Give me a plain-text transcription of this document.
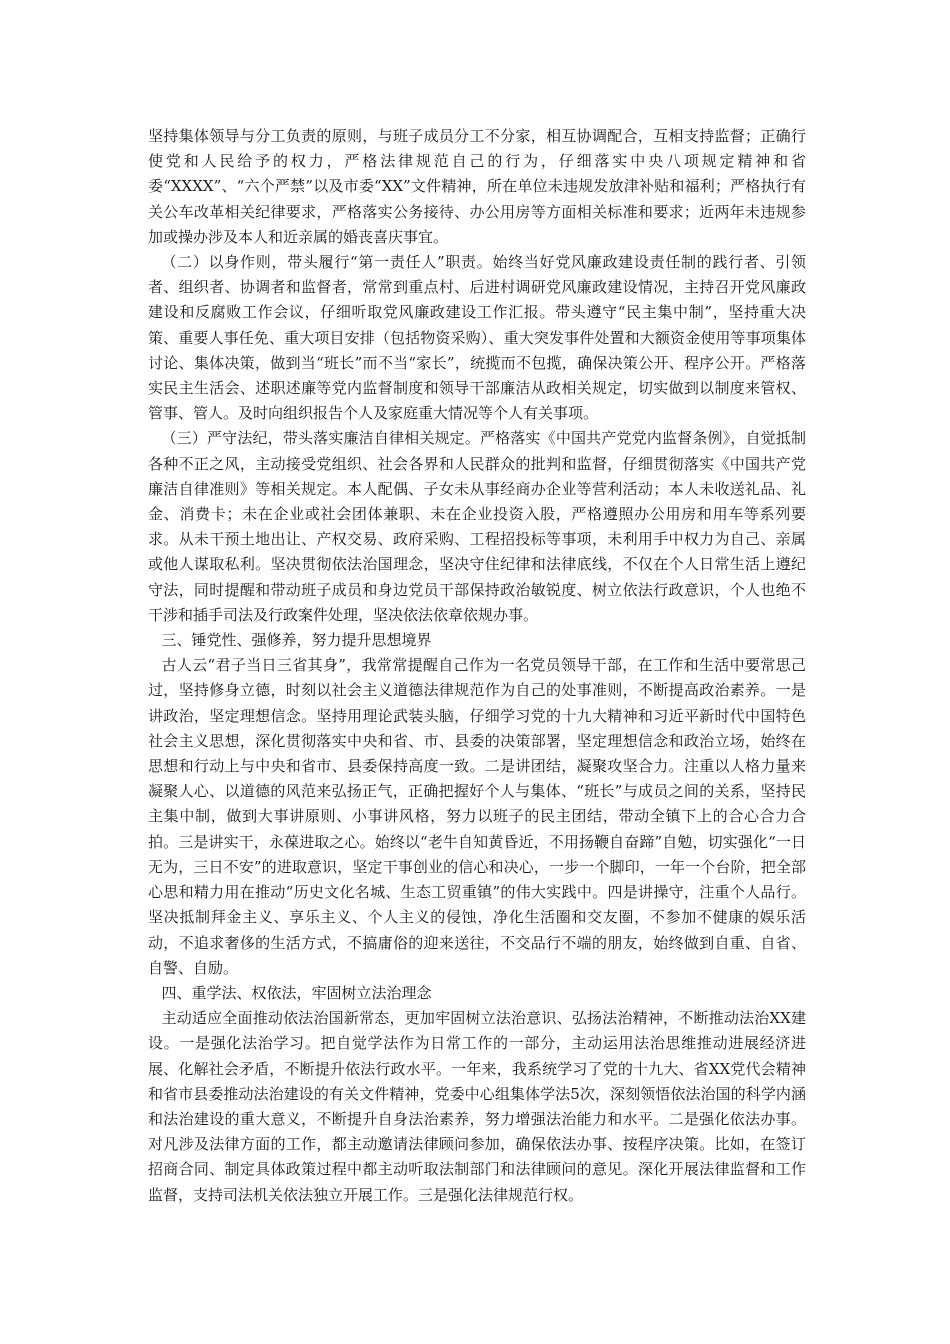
坚持集体领导与分工负责的原则，与班子成员分工不分家，相互协调配合，互相支持监督；正确行使党和人民给予的权力，严格法律规范自己的行为，仔细落实中央八项规定精神和省委“XXXX”、“六个严禁”以及市委“XX”文件精神，所在单位未违规发放津补贴和福利；严格执行有关公车改革相关纪律要求，严格落实公务接待、办公用房等方面相关标准和要求；近两年未违规参加或操办涉及本人和近亲属的婚丧喜庆事宜。

（二）以身作则，带头履行“第一责任人”职责。始终当好党风廉政建设责任制的践行者、引领者、组织者、协调者和监督者，常常到重点村、后进村调研党风廉政建设情况，主持召开党风廉政建设和反腐败工作会议，仔细听取党风廉政建设工作汇报。带头遵守“民主集中制”，坚持重大决策、重要人事任免、重大项目安排（包括物资采购）、重大突发事件处置和大额资金使用等事项集体讨论、集体决策，做到当“班长”而不当“家长”，统揽而不包揽，确保决策公开、程序公开。严格落实民主生活会、述职述廉等党内监督制度和领导干部廉洁从政相关规定，切实做到以制度来管权、管事、管人。及时向组织报告个人及家庭重大情况等个人有关事项。

（三）严守法纪，带头落实廉洁自律相关规定。严格落实《中国共产党党内监督条例》，自觉抵制各种不正之风，主动接受党组织、社会各界和人民群众的批判和监督，仔细贯彻落实《中国共产党廉洁自律准则》等相关规定。本人配偶、子女未从事经商办企业等营利活动；本人未收送礼品、礼金、消费卡；未在企业或社会团体兼职、未在企业投资入股，严格遵照办公用房和用车等系列要求。从未干预土地出让、产权交易、政府采购、工程招投标等事项，未利用手中权力为自己、亲属或他人谋取私利。坚决贯彻依法治国理念，坚决守住纪律和法律底线，不仅在个人日常生活上遵纪守法，同时提醒和带动班子成员和身边党员干部保持政治敏锐度、树立依法行政意识，个人也绝不干涉和插手司法及行政案件处理，坚决依法依章依规办事。

三、锤党性、强修养，努力提升思想境界

古人云“君子当日三省其身”，我常常提醒自己作为一名党员领导干部，在工作和生活中要常思己过，坚持修身立德，时刻以社会主义道德法律规范作为自己的处事准则，不断提高政治素养。一是讲政治，坚定理想信念。坚持用理论武装头脑，仔细学习党的十九大精神和习近平新时代中国特色社会主义思想，深化贯彻落实中央和省、市、县委的决策部署，坚定理想信念和政治立场，始终在思想和行动上与中央和省市、县委保持高度一致。二是讲团结，凝聚攻坚合力。注重以人格力量来凝聚人心、以道德的风范来弘扬正气，正确把握好个人与集体、“班长”与成员之间的关系，坚持民主集中制，做到大事讲原则、小事讲风格，努力以班子的民主团结，带动全镇下上的合心合力合拍。三是讲实干，永葆进取之心。始终以“老牛自知黄昏近，不用扬鞭自奋蹄”自勉，切实强化“一日无为，三日不安”的进取意识，坚定干事创业的信心和决心，一步一个脚印，一年一个台阶，把全部心思和精力用在推动“历史文化名城、生态工贸重镇”的伟大实践中。四是讲操守，注重个人品行。坚决抵制拜金主义、享乐主义、个人主义的侵蚀，净化生活圈和交友圈，不参加不健康的娱乐活动，不追求奢侈的生活方式，不搞庸俗的迎来送往，不交品行不端的朋友，始终做到自重、自省、自警、自励。

四、重学法、权依法，牢固树立法治理念

主动适应全面推动依法治国新常态，更加牢固树立法治意识、弘扬法治精神，不断推动法治XX建设。一是强化法治学习。把自觉学法作为日常工作的一部分，主动运用法治思维推动进展经济进展、化解社会矛盾，不断提升依法行政水平。一年来，我系统学习了党的十九大、省XX党代会精神和省市县委推动法治建设的有关文件精神，党委中心组集体学法5次，深刻领悟依法治国的科学内涵和法治建设的重大意义，不断提升自身法治素养，努力增强法治能力和水平。二是强化依法办事。对凡涉及法律方面的工作，都主动邀请法律顾问参加，确保依法办事、按程序决策。比如，在签订招商合同、制定具体政策过程中都主动听取法制部门和法律顾问的意见。深化开展法律监督和工作监督，支持司法机关依法独立开展工作。三是强化法律规范行权。
